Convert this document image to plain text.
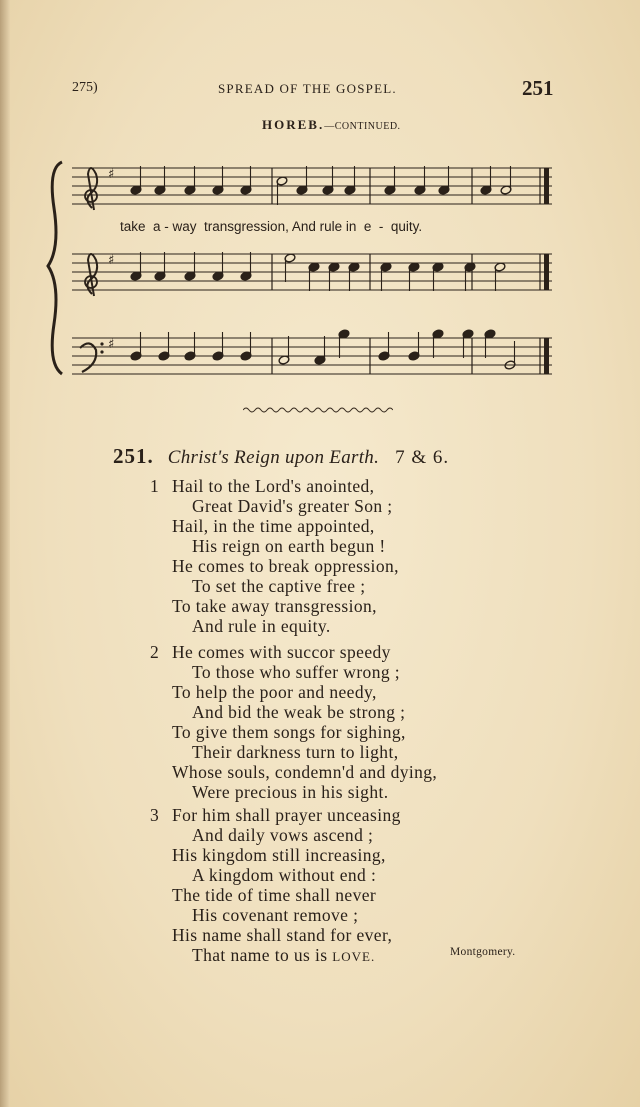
275)	SPREAD OF THE GOSPEL.	251
HOREB.—CONTINUED.
♯
♯
♯
take  a - way  transgression, And rule in  e  -  quity.
251. Christ's Reign upon Earth. 7 & 6.
1 Hail to the Lord's anointed,
Great David's greater Son ;
Hail, in the time appointed,
His reign on earth begun !
He comes to break oppression,
To set the captive free ;
To take away transgression,
And rule in equity.
2 He comes with succor speedy
To those who suffer wrong ;
To help the poor and needy,
And bid the weak be strong ;
To give them songs for sighing,
Their darkness turn to light,
Whose souls, condemn'd and dying,
Were precious in his sight.
3 For him shall prayer unceasing
And daily vows ascend ;
His kingdom still increasing,
A kingdom without end :
The tide of time shall never
His covenant remove ;
His name shall stand for ever,
That name to us is LOVE.	Montgomery.
